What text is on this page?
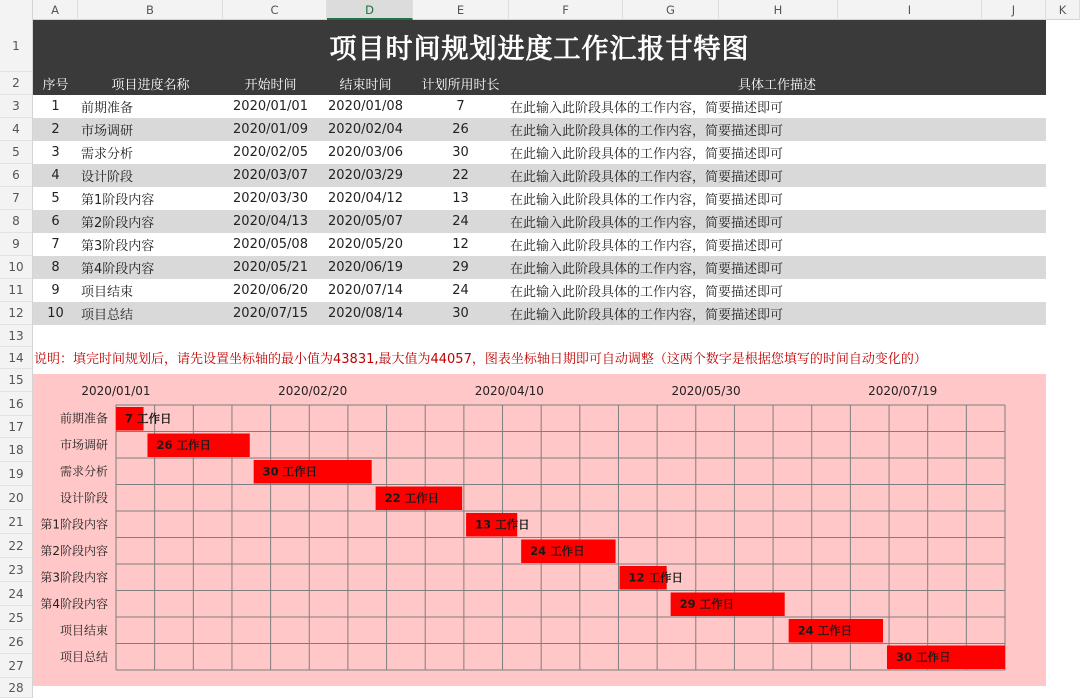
A	B	C	D	E	F	G	H	I	J	K
1
2
3
4
5
6
7
8
9
10
11
12
13
14
15
16
17
18
19
20
21
22
23
24
25
26
27
28
项目时间规划进度工作汇报甘特图
序号	项目进度名称	开始时间	结束时间	计划所用时长	具体工作描述
1	前期准备	2020/01/01	2020/01/08	7	在此输入此阶段具体的工作内容，简要描述即可
2	市场调研	2020/01/09	2020/02/04	26	在此输入此阶段具体的工作内容，简要描述即可
3	需求分析	2020/02/05	2020/03/06	30	在此输入此阶段具体的工作内容，简要描述即可
4	设计阶段	2020/03/07	2020/03/29	22	在此输入此阶段具体的工作内容，简要描述即可
5	第1阶段内容	2020/03/30	2020/04/12	13	在此输入此阶段具体的工作内容，简要描述即可
6	第2阶段内容	2020/04/13	2020/05/07	24	在此输入此阶段具体的工作内容，简要描述即可
7	第3阶段内容	2020/05/08	2020/05/20	12	在此输入此阶段具体的工作内容，简要描述即可
8	第4阶段内容	2020/05/21	2020/06/19	29	在此输入此阶段具体的工作内容，简要描述即可
9	项目结束	2020/06/20	2020/07/14	24	在此输入此阶段具体的工作内容，简要描述即可
10	项目总结	2020/07/15	2020/08/14	30	在此输入此阶段具体的工作内容，简要描述即可
说明：填完时间规划后，请先设置坐标轴的最小值为43831,最大值为44057，图表坐标轴日期即可自动调整（这两个数字是根据您填写的时间自动变化的）
2020/01/01	2020/02/20	2020/04/10	2020/05/30	2020/07/19
前期准备 7 工作日
市场调研	26 工作日
需求分析	30 工作日
设计阶段	22 工作日
第1阶段内容	13 工作日
第2阶段内容	24 工作日
第3阶段内容	12 工作日
第4阶段内容	29 工作日
项目结束	24 工作日
项目总结	30 工作日
